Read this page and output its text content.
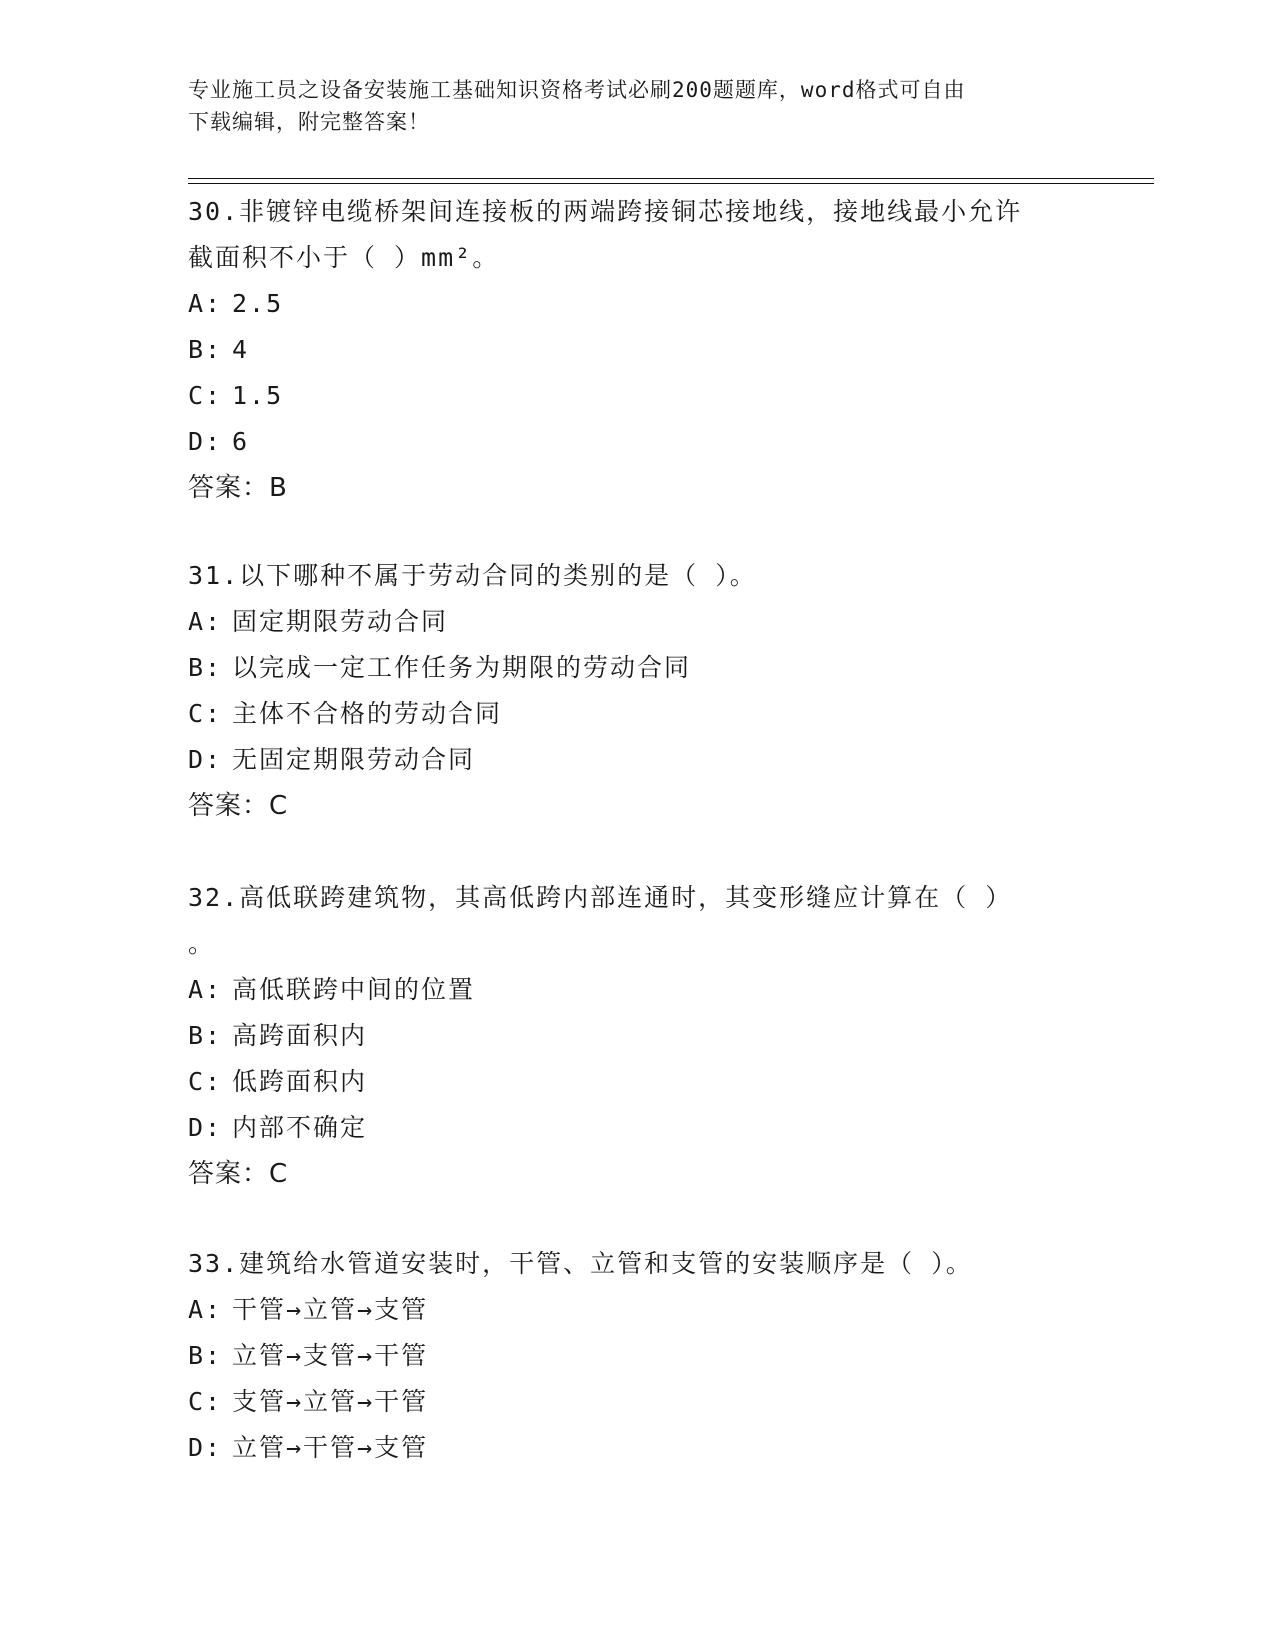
专业施工员之设备安装施工基础知识资格考试必刷200题题库，word格式可自由
下载编辑，附完整答案！

30.非镀锌电缆桥架间连接板的两端跨接铜芯接地线，接地线最小允许

截面积不小于（ ）mm²。

A: 2.5

B: 4

C: 1.5

D: 6

答案：B

31.以下哪种不属于劳动合同的类别的是（ ）。

A: 固定期限劳动合同

B: 以完成一定工作任务为期限的劳动合同

C: 主体不合格的劳动合同

D: 无固定期限劳动合同

答案：C

32.高低联跨建筑物，其高低跨内部连通时，其变形缝应计算在（ ）

。

A: 高低联跨中间的位置

B: 高跨面积内

C: 低跨面积内

D: 内部不确定

答案：C

33.建筑给水管道安装时，干管、立管和支管的安装顺序是（ ）。

A: 干管→立管→支管

B: 立管→支管→干管

C: 支管→立管→干管

D: 立管→干管→支管
